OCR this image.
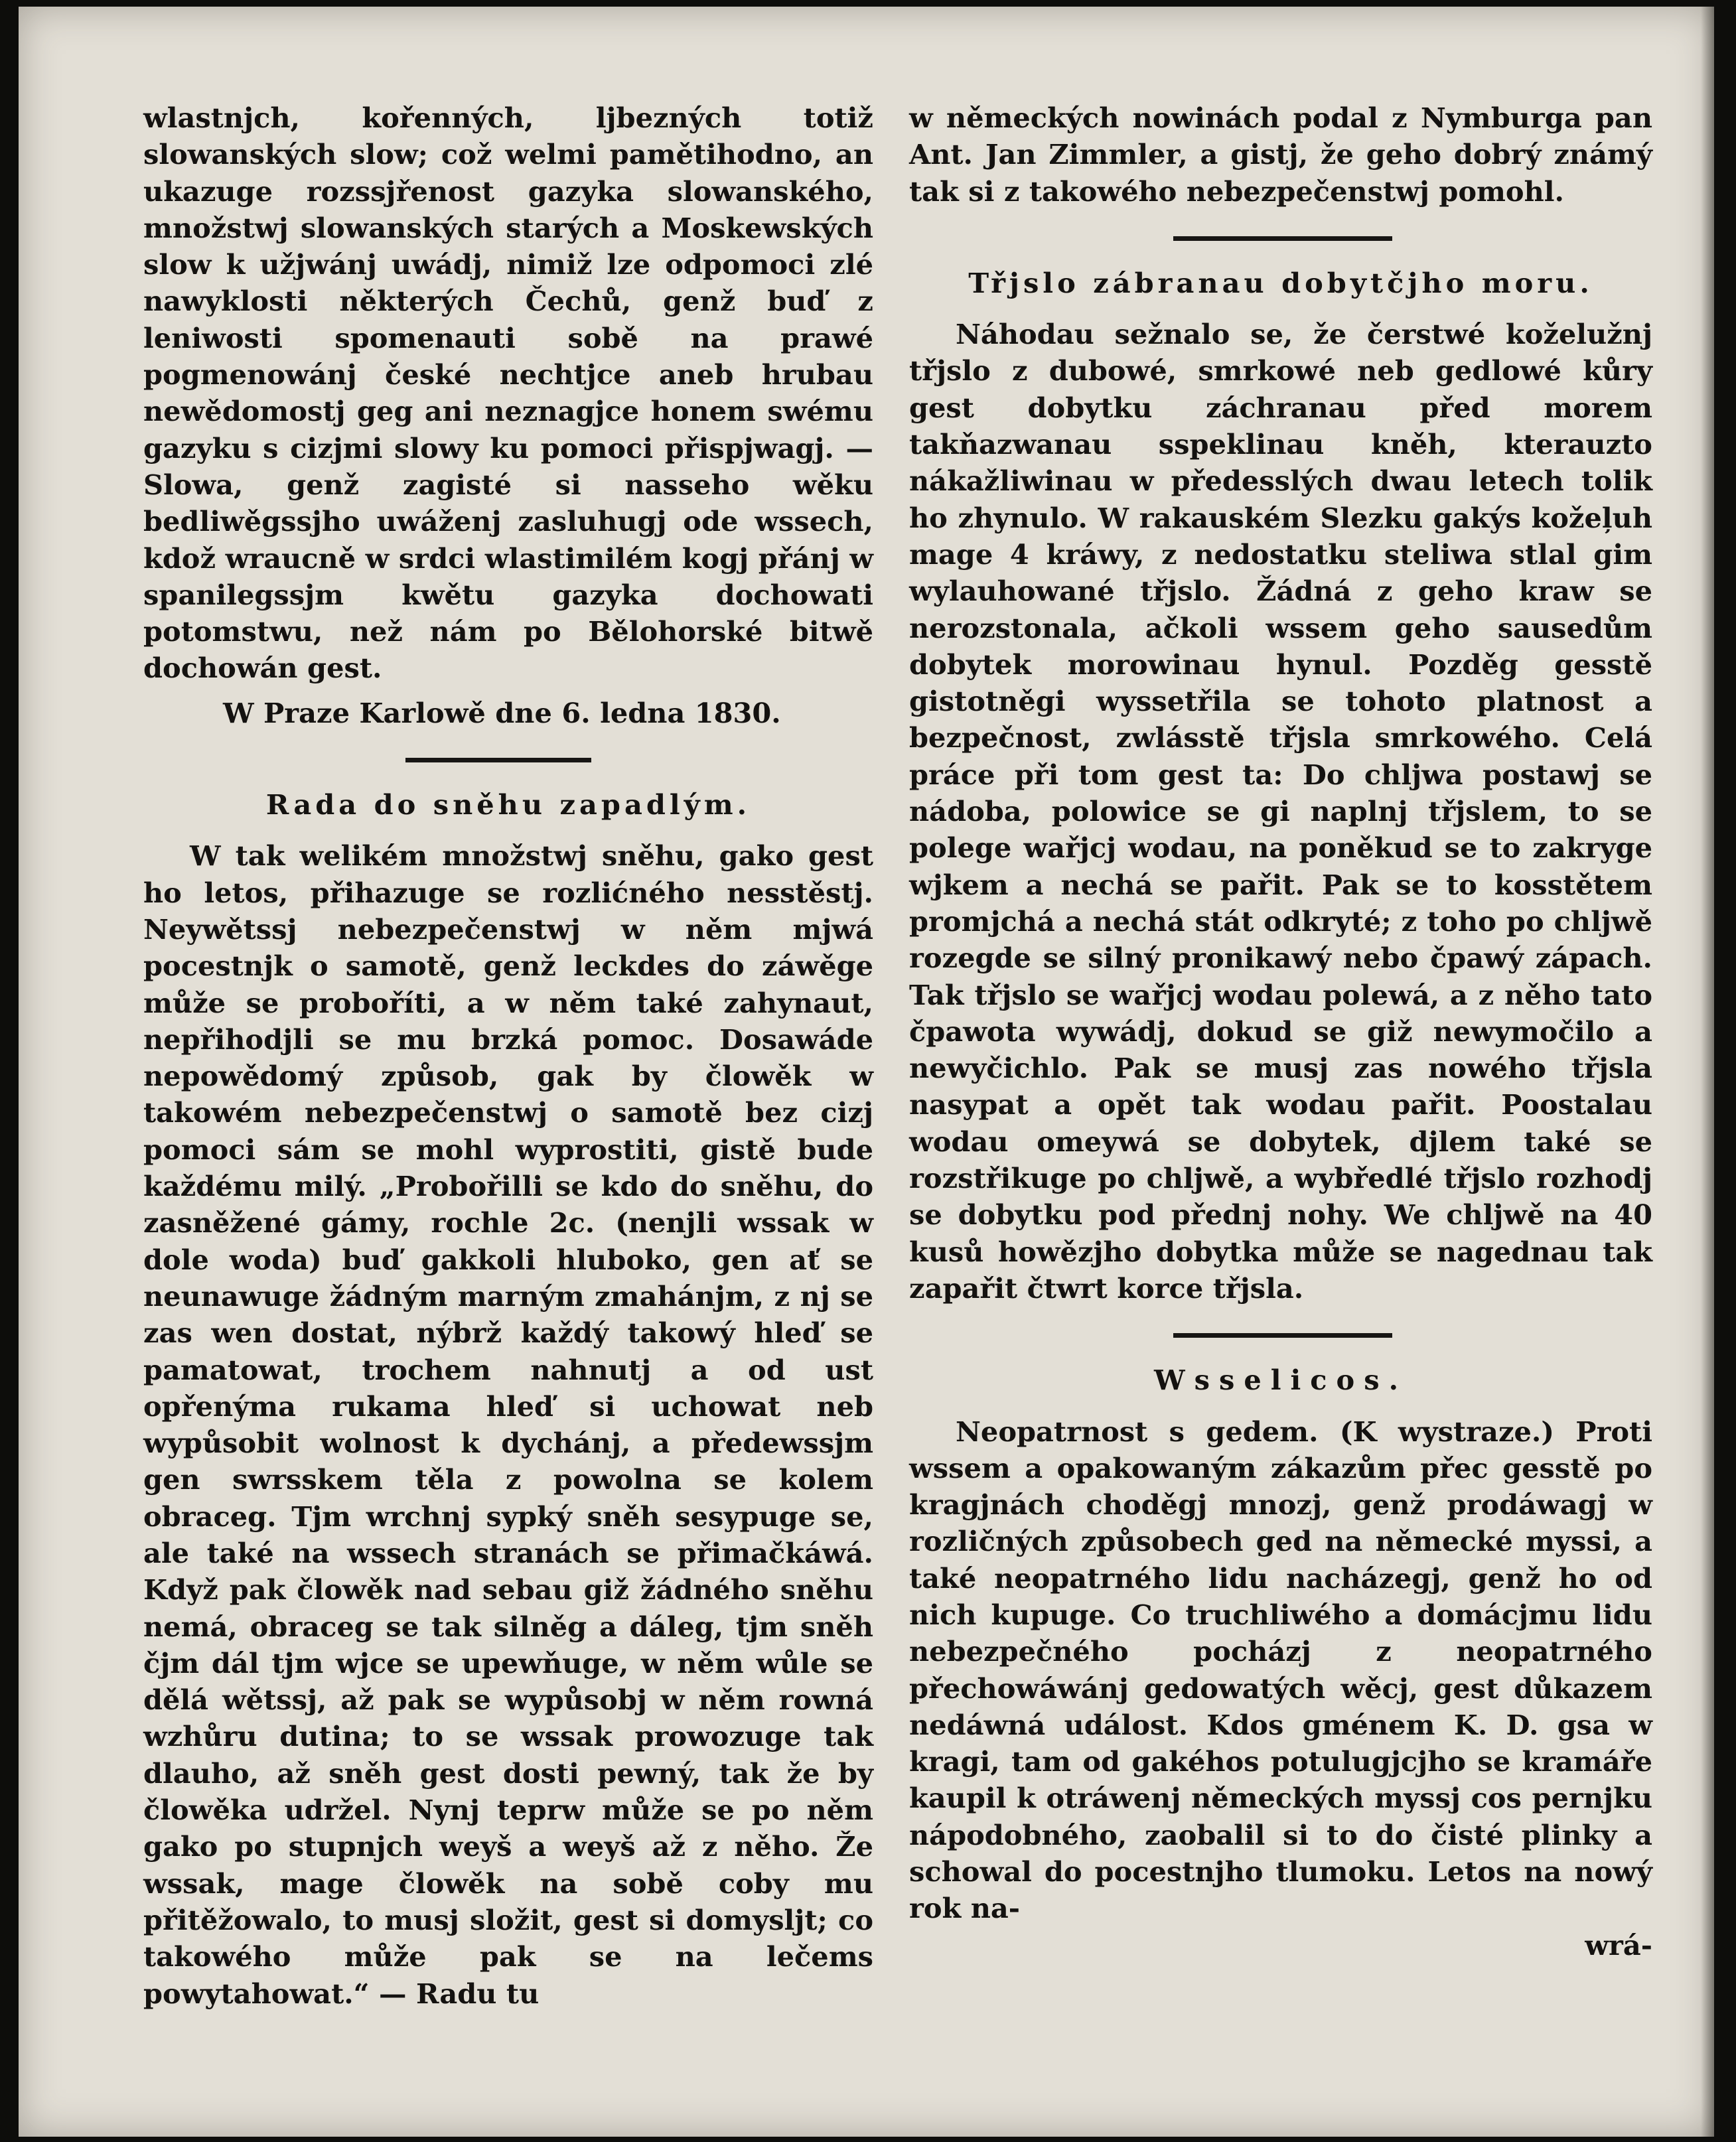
wlastnjch, kořenných, ljbezných totiž slowanských slow; což welmi pamětihodno, an ukazuge rozssjřenost gazyka slowanského, množstwj slowanských starých a Moskewských slow k užjwánj uwádj, nimiž lze odpomoci zlé nawyklosti některých Čechů, genž buď z leniwosti spomenauti sobě na prawé pogmenowánj české nechtjce aneb hrubau newědomostj geg ani neznagjce honem swému gazyku s cizjmi slowy ku pomoci přispjwagj. — Slowa, genž zagisté si nasseho wěku bedliwěgssjho uwáženj zasluhugj ode wssech, kdož wraucně w srdci wlastimilém kogj přánj w spanilegssjm kwětu gazyka dochowati potomstwu, než nám po Bělohorské bitwě dochowán gest.

W Praze Karlowě dne 6. ledna 1830.

Rada do sněhu zapadlým.

W tak welikém množstwj sněhu, gako gest ho letos, přihazuge se rozlićného nesstěstj. Neywětssj nebezpečenstwj w něm mjwá pocestnjk o samotě, genž leckdes do záwěge může se proboříti, a w něm také zahynaut, nepřihodjli se mu brzká pomoc. Dosawáde nepowědomý způsob, gak by člowěk w takowém nebezpečenstwj o samotě bez cizj pomoci sám se mohl wyprostiti, gistě bude každému milý. „Probořilli se kdo do sněhu, do zasněžené gámy, rochle 2c. (nenjli wssak w dole woda) buď gakkoli hluboko, gen ať se neunawuge žádným marným zmahánjm, z nj se zas wen dostat, nýbrž každý takowý hleď se pamatowat, trochem nahnutj a od ust opřenýma rukama hleď si uchowat neb wypůsobit wolnost k dychánj, a předewssjm gen swrsskem těla z powolna se kolem obraceg. Tjm wrchnj sypký sněh sesypuge se, ale také na wssech stranách se přimačkáwá. Když pak člowěk nad sebau giž žádného sněhu nemá, obraceg se tak silněg a dáleg, tjm sněh čjm dál tjm wjce se upewňuge, w něm wůle se dělá wětssj, až pak se wypůsobj w něm rowná wzhůru dutina; to se wssak prowozuge tak dlauho, až sněh gest dosti pewný, tak že by člowěka udržel. Nynj teprw může se po něm gako po stupnjch weyš a weyš až z něho. Že wssak, mage člowěk na sobě coby mu přitěžowalo, to musj složit, gest si domysljt; co takowého může pak se na lečems powytahowat.“ — Radu tu

w německých nowinách podal z Nymburga pan Ant. Jan Zimmler, a gistj, že geho dobrý známý tak si z takowého nebezpečenstwj pomohl.

Třjslo zábranau dobytčjho moru.

Náhodau sežnalo se, že čerstwé koželužnj třjslo z dubowé, smrkowé neb gedlowé kůry gest dobytku záchranau před morem takňazwanau sspeklinau kněh, kterauzto nákažliwinau w předesslých dwau letech tolik ho zhynulo. W rakauském Slezku gakýs kožeļuh mage 4 kráwy, z nedostatku steliwa stlal gim wylauhowané třjslo. Žádná z geho kraw se nerozstonala, ačkoli wssem geho sausedům dobytek morowinau hynul. Pozděg gesstě gistotněgi wyssetřila se tohoto platnost a bezpečnost, zwlásstě třjsla smrkowého. Celá práce při tom gest ta: Do chljwa postawj se nádoba, polowice se gi naplnj třjslem, to se polege wařjcj wodau, na poněkud se to zakryge wjkem a nechá se pařit. Pak se to kosstětem promjchá a nechá stát odkryté; z toho po chljwě rozegde se silný pronikawý nebo čpawý zápach. Tak třjslo se wařjcj wodau polewá, a z něho tato čpawota wywádj, dokud se giž newymočilo a newyčichlo. Pak se musj zas nowého třjsla nasypat a opět tak wodau pařit. Poostalau wodau omeywá se dobytek, djlem také se rozstřikuge po chljwě, a wybředlé třjslo rozhodj se dobytku pod přednj nohy. We chljwě na 40 kusů howězjho dobytka může se nagednau tak zapařit čtwrt korce třjsla.

Wsselicos.

Neopatrnost s gedem. (K wystraze.) Proti wssem a opakowaným zákazům přec gesstě po kragjnách choděgj mnozj, genž prodáwagj w rozličných způsobech ged na německé myssi, a také neopatrného lidu nacházegj, genž ho od nich kupuge. Co truchliwého a domácjmu lidu nebezpečného pocházj z neopatrného přechowáwánj gedowatých wěcj, gest důkazem nedáwná událost. Kdos gménem K. D. gsa w kragi, tam od gakéhos potulugjcjho se kramáře kaupil k otráwenj německých myssj cos pernjku nápodobného, zaobalil si to do čisté plinky a schowal do pocestnjho tlumoku. Letos na nowý rok na-

wrá-
